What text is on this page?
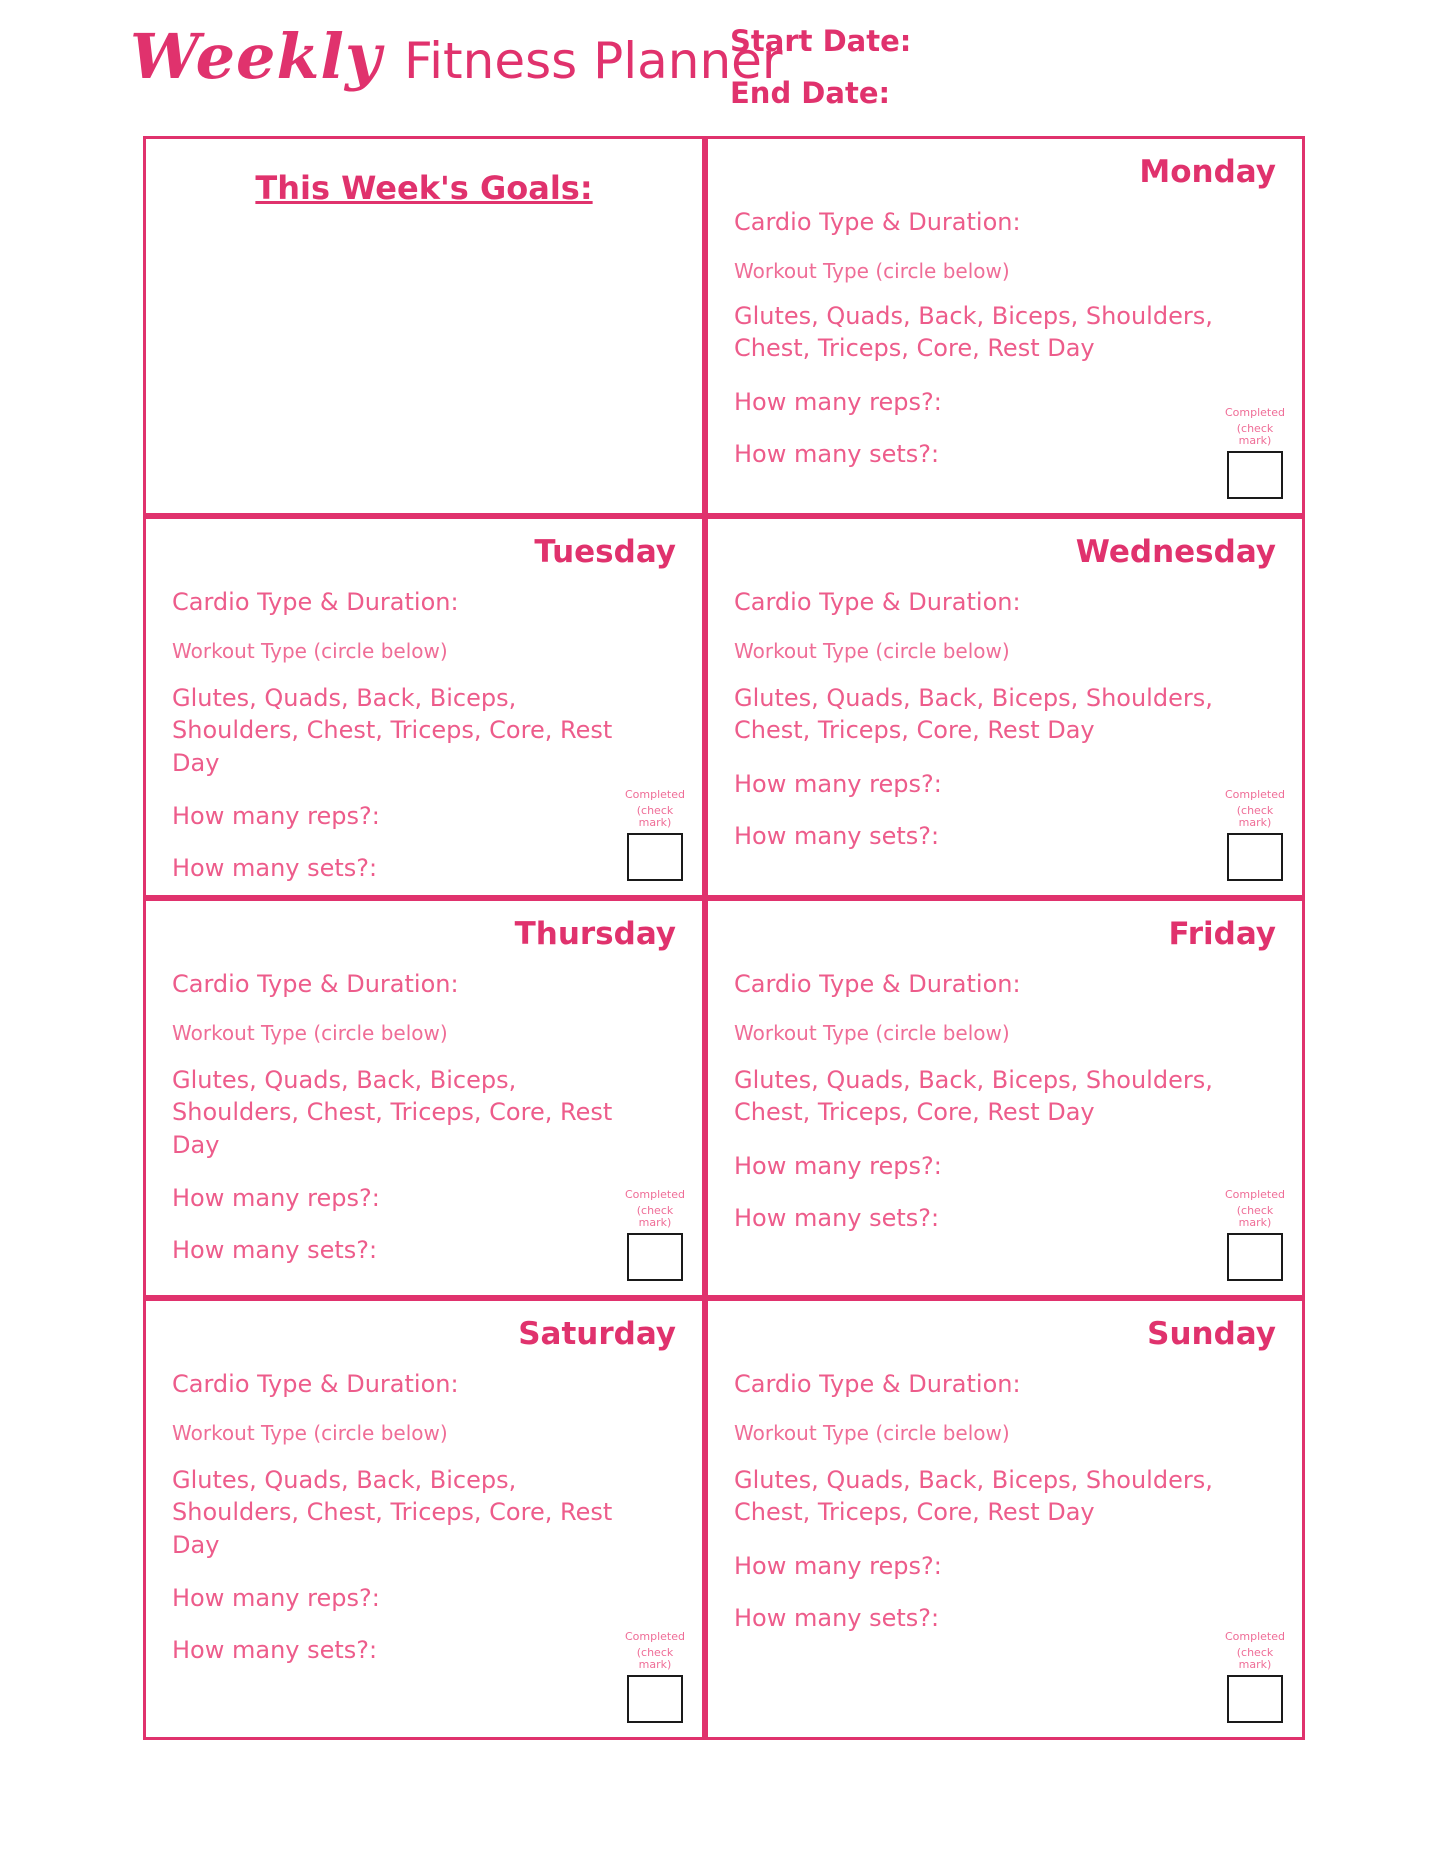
Weekly Fitness Planner
Start Date:
End Date:
This Week's Goals:	Monday
Cardio Type & Duration:
Workout Type (circle below)
Glutes, Quads, Back, Biceps, Shoulders, Chest, Triceps, Core, Rest Day
How many reps?:
How many sets?:
Completed
(check mark)
Tuesday
Cardio Type & Duration:
Workout Type (circle below)
Glutes, Quads, Back, Biceps, Shoulders, Chest, Triceps, Core, Rest Day
How many reps?:
How many sets?:
Completed
(check mark)
Wednesday
Cardio Type & Duration:
Workout Type (circle below)
Glutes, Quads, Back, Biceps, Shoulders, Chest, Triceps, Core, Rest Day
How many reps?:
How many sets?:
Completed
(check mark)
Thursday
Cardio Type & Duration:
Workout Type (circle below)
Glutes, Quads, Back, Biceps, Shoulders, Chest, Triceps, Core, Rest Day
How many reps?:
How many sets?:
Completed
(check mark)
Friday
Cardio Type & Duration:
Workout Type (circle below)
Glutes, Quads, Back, Biceps, Shoulders, Chest, Triceps, Core, Rest Day
How many reps?:
How many sets?:
Completed
(check mark)
Saturday
Cardio Type & Duration:
Workout Type (circle below)
Glutes, Quads, Back, Biceps, Shoulders, Chest, Triceps, Core, Rest Day
How many reps?:
How many sets?:	Completed
(check mark)
Sunday
Cardio Type & Duration:
Workout Type (circle below)
Glutes, Quads, Back, Biceps, Shoulders, Chest, Triceps, Core, Rest Day
How many reps?:
How many sets?:
Completed
(check mark)
